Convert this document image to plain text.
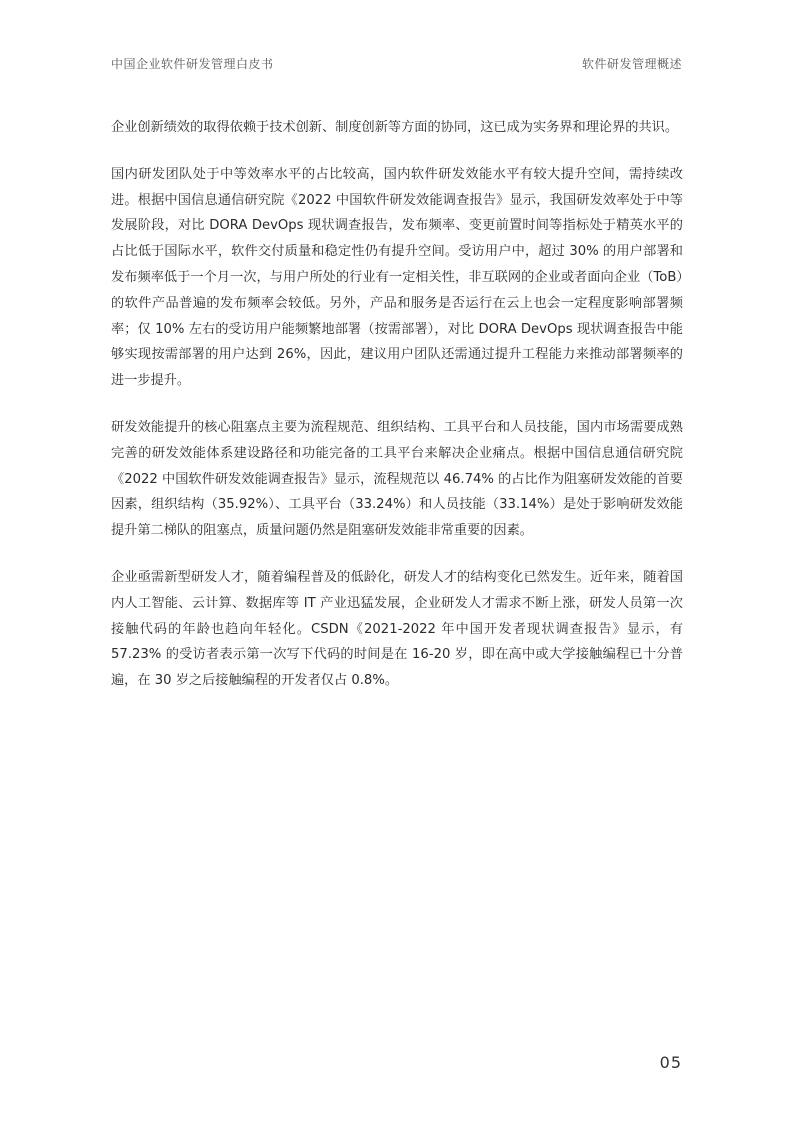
中国企业软件研发管理白皮书	软件研发管理概述

企业创新绩效的取得依赖于技术创新、制度创新等方面的协同，这已成为实务界和理论界的共识。

国内研发团队处于中等效率水平的占比较高，国内软件研发效能水平有较大提升空间，需持续改进。根据中国信息通信研究院《2022 中国软件研发效能调查报告》显示，我国研发效率处于中等发展阶段，对比 DORA DevOps 现状调查报告，发布频率、变更前置时间等指标处于精英水平的占比低于国际水平，软件交付质量和稳定性仍有提升空间。受访用户中，超过 30% 的用户部署和发布频率低于一个月一次，与用户所处的行业有一定相关性，非互联网的企业或者面向企业（ToB）的软件产品普遍的发布频率会较低。另外，产品和服务是否运行在云上也会一定程度影响部署频率；仅 10% 左右的受访用户能频繁地部署（按需部署），对比 DORA DevOps 现状调查报告中能够实现按需部署的用户达到 26%，因此，建议用户团队还需通过提升工程能力来推动部署频率的进一步提升。

研发效能提升的核心阻塞点主要为流程规范、组织结构、工具平台和人员技能，国内市场需要成熟完善的研发效能体系建设路径和功能完备的工具平台来解决企业痛点。根据中国信息通信研究院《2022 中国软件研发效能调查报告》显示，流程规范以 46.74% 的占比作为阻塞研发效能的首要因素，组织结构（35.92%）、工具平台（33.24%）和人员技能（33.14%）是处于影响研发效能提升第二梯队的阻塞点，质量问题仍然是阻塞研发效能非常重要的因素。

企业亟需新型研发人才，随着编程普及的低龄化，研发人才的结构变化已然发生。近年来，随着国内人工智能、云计算、数据库等 IT 产业迅猛发展，企业研发人才需求不断上涨，研发人员第一次接触代码的年龄也趋向年轻化。CSDN《2021-2022 年中国开发者现状调查报告》显示，有 57.23% 的受访者表示第一次写下代码的时间是在 16-20 岁，即在高中或大学接触编程已十分普遍，在 30 岁之后接触编程的开发者仅占 0.8%。

05
